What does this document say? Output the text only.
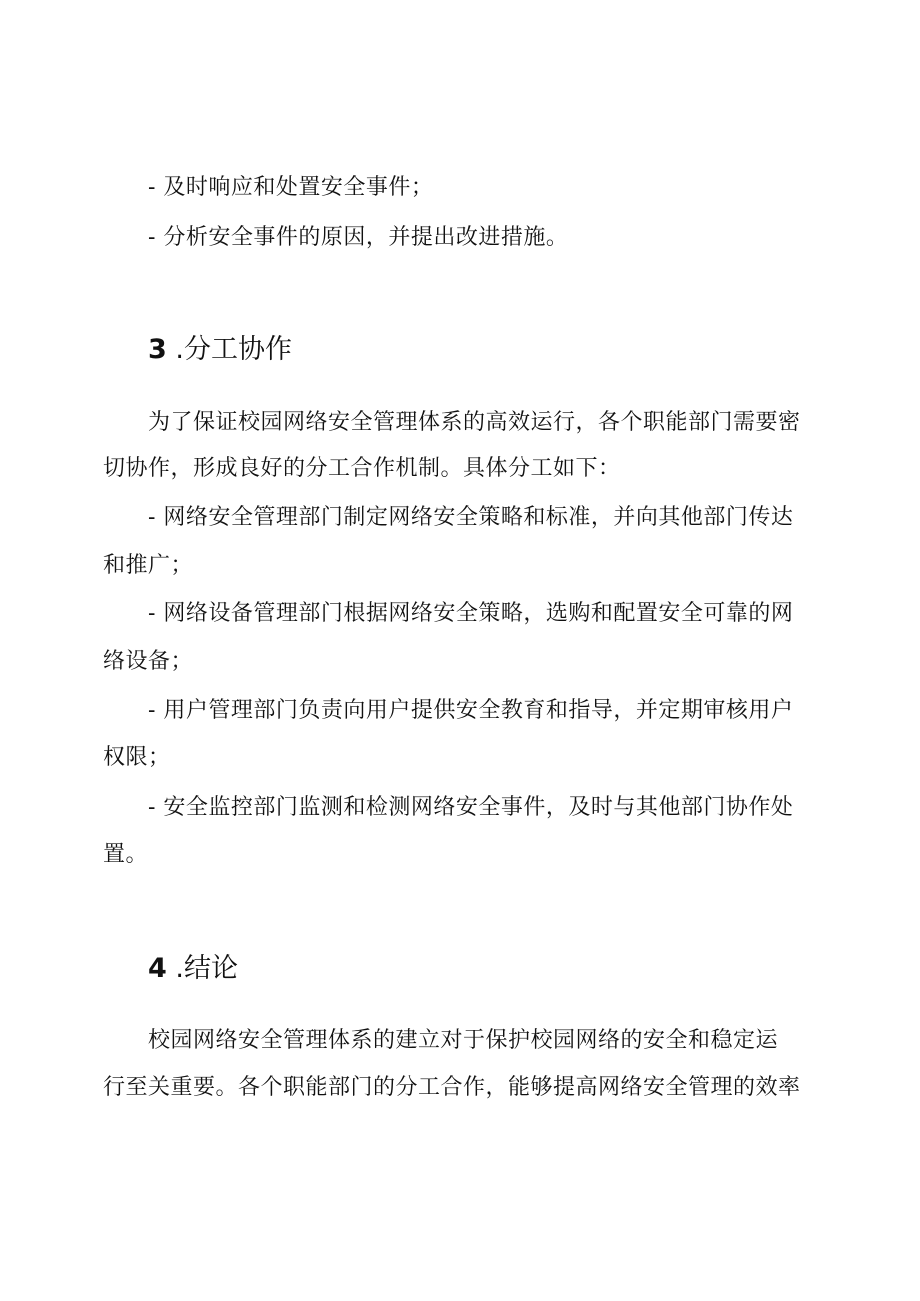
- 及时响应和处置安全事件；
- 分析安全事件的原因，并提出改进措施。
3 .分工协作
为了保证校园网络安全管理体系的高效运行，各个职能部门需要密
切协作，形成良好的分工合作机制。具体分工如下：
- 网络安全管理部门制定网络安全策略和标准，并向其他部门传达
和推广；
- 网络设备管理部门根据网络安全策略，选购和配置安全可靠的网
络设备；
- 用户管理部门负责向用户提供安全教育和指导，并定期审核用户
权限；
- 安全监控部门监测和检测网络安全事件，及时与其他部门协作处
置。
4 .结论
校园网络安全管理体系的建立对于保护校园网络的安全和稳定运
行至关重要。各个职能部门的分工合作，能够提高网络安全管理的效率
